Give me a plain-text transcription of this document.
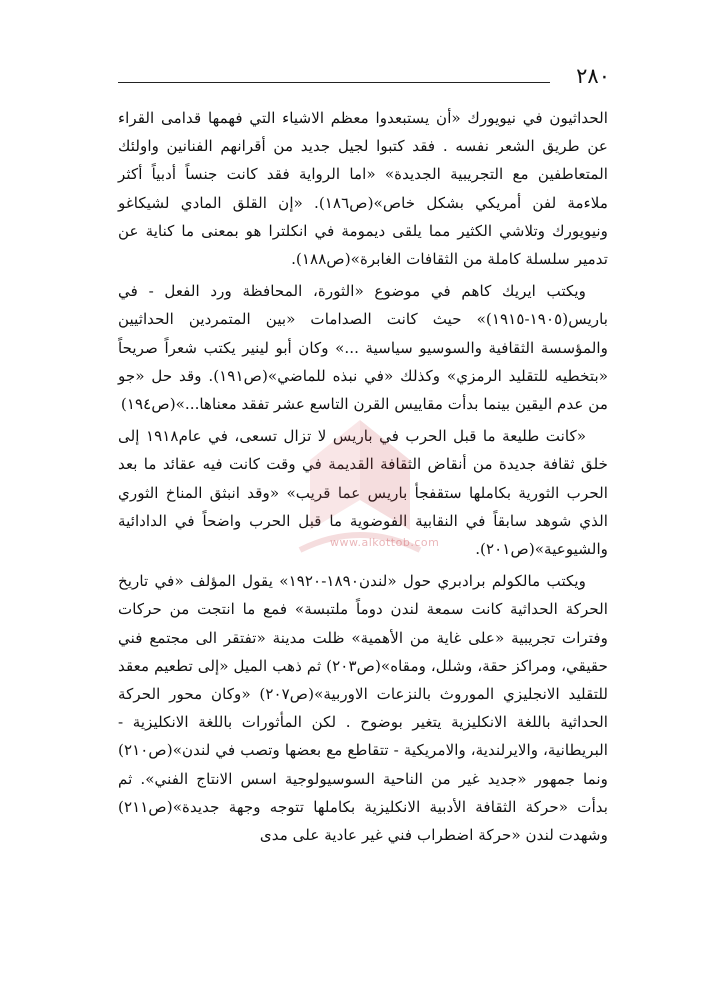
٢٨٠

الحداثيون في نيويورك «أن يستبعدوا معظم الاشياء التي فهمها قدامى القراء عن طريق الشعر نفسه . فقد كتبوا لجيل جديد من أقرانهم الفنانين واولئك المتعاطفين مع التجريبية الجديدة» «اما الرواية فقد كانت جنساً أدبياً أكثر ملاءمة لفن أمريكي بشكل خاص»(ص١٨٦). «إن القلق المادي لشيكاغو ونيويورك وتلاشي الكثير مما يلقى ديمومة في انكلترا هو بمعنى ما كناية عن تدمير سلسلة كاملة من الثقافات الغابرة»(ص١٨٨).

ويكتب ايريك كاهم في موضوع «الثورة، المحافظة ورد الفعل - في باريس(١٩٠٥-١٩١٥)» حيث كانت الصدامات «بين المتمردين الحداثيين والمؤسسة الثقافية والسوسيو سياسية ...» وكان أبو لينير يكتب شعراً صريحاً «بتخطيه للتقليد الرمزي» وكذلك «في نبذه للماضي»(ص١٩١). وقد حل «جو من عدم اليقين بينما بدأت مقاييس القرن التاسع عشر تفقد معناها...»(ص١٩٤)

«كانت طليعة ما قبل الحرب في باريس لا تزال تسعى، في عام١٩١٨ إلى خلق ثقافة جديدة من أنقاض الثقافة القديمة في وقت كانت فيه عقائد ما بعد الحرب الثورية بكاملها ستقفجأ باريس عما قريب» «وقد انبثق المناخ الثوري الذي شوهد سابقاً في النقابية الفوضوية ما قبل الحرب واضحاً في الدادائية والشيوعية»(ص٢٠١).

ويكتب مالكولم برادبري حول «لندن١٨٩٠-١٩٢٠» يقول المؤلف «في تاريخ الحركة الحداثية كانت سمعة لندن دوماً ملتبسة» فمع ما انتجت من حركات وفترات تجريبية «على غاية من الأهمية» ظلت مدينة «تفتقر الى مجتمع فني حقيقي، ومراكز حقة، وشلل، ومقاه»(ص٢٠٣) ثم ذهب الميل «إلى تطعيم معقد للتقليد الانجليزي الموروث بالنزعات الاوربية»(ص٢٠٧) «وكان محور الحركة الحداثية باللغة الانكليزية يتغير بوضوح . لكن المأثورات باللغة الانكليزية - البريطانية، والايرلندية، والامريكية - تتقاطع مع بعضها وتصب في لندن»(ص٢١٠) ونما جمهور «جديد غير من الناحية السوسيولوجية اسس الانتاج الفني». ثم بدأت «حركة الثقافة الأدبية الانكليزية بكاملها تتوجه وجهة جديدة»(ص٢١١) وشهدت لندن «حركة اضطراب فني غير عادية على مدى

www.alkottob.com
